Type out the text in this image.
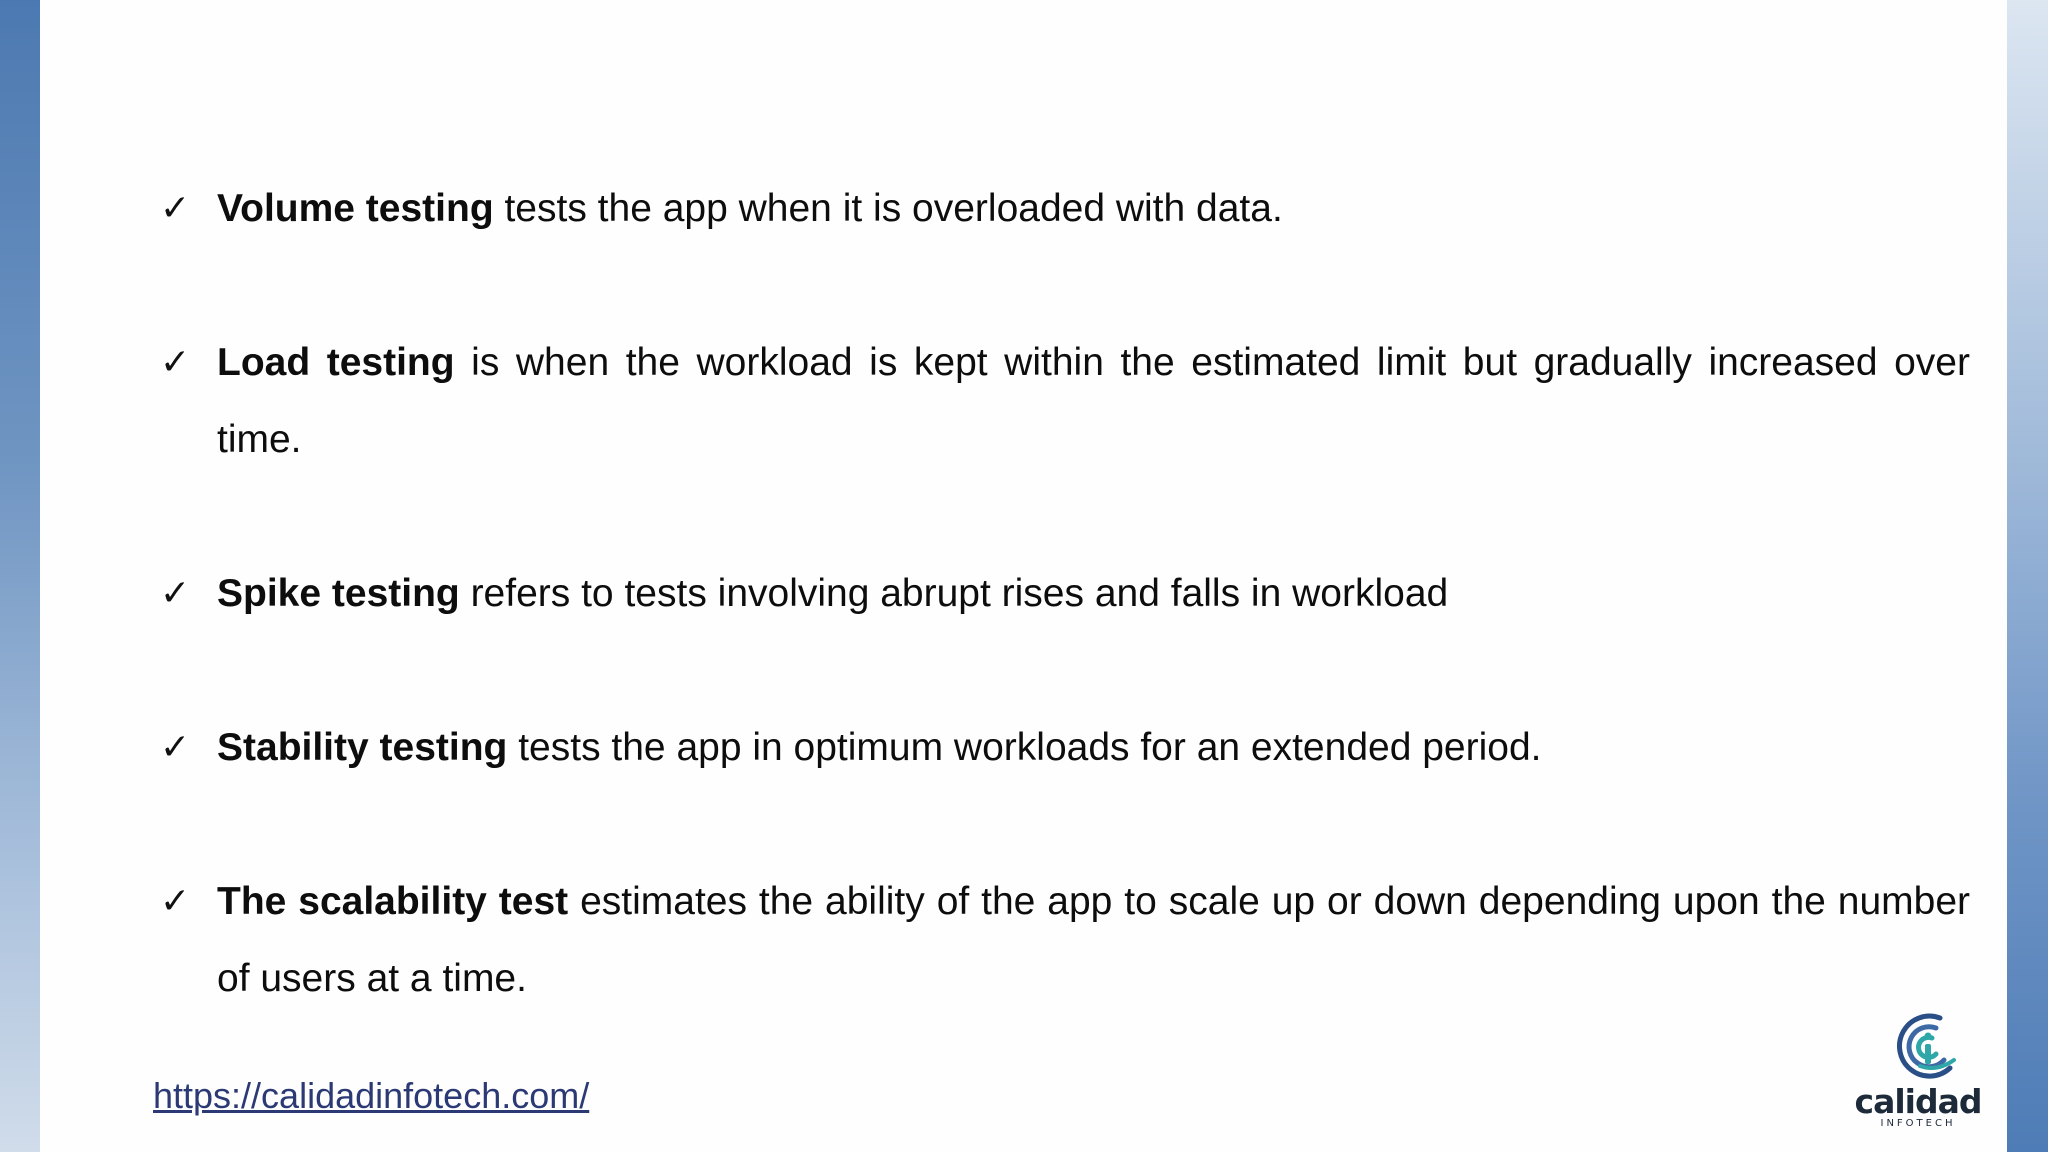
✓ Volume testing tests the app when it is overloaded with data.
✓ Load testing is when the workload is kept within the estimated limit but gradually increased over time.
✓ Spike testing refers to tests involving abrupt rises and falls in workload
✓ Stability testing tests the app in optimum workloads for an extended period.
✓ The scalability test estimates the ability of the app to scale up or down depending upon the number of users at a time.
https://calidadinfotech.com/	calidad
INFOTECH
